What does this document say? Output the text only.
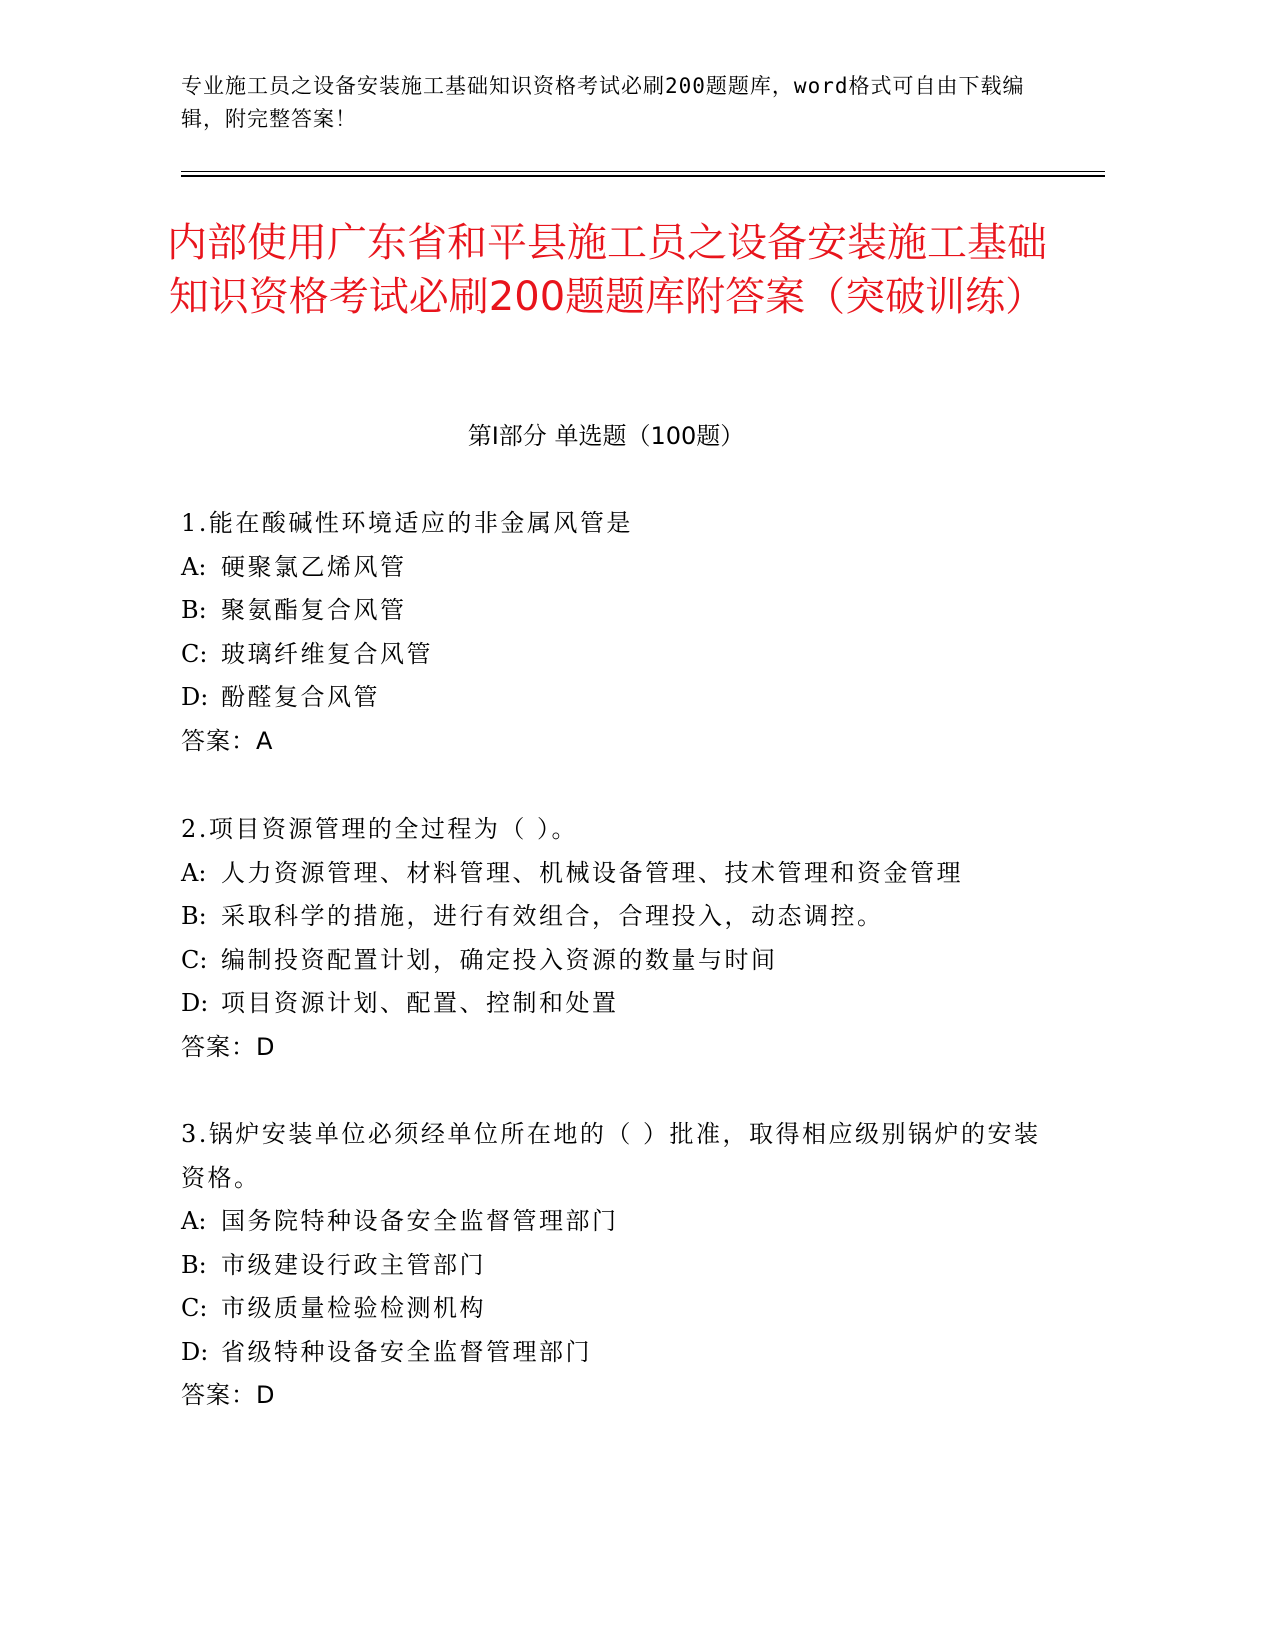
专业施工员之设备安装施工基础知识资格考试必刷200题题库，word格式可自由下载编辑，附完整答案！

内部使用广东省和平县施工员之设备安装施工基础知识资格考试必刷200题题库附答案（突破训练）
第Ⅰ部分 单选题（100题）
1.能在酸碱性环境适应的非金属风管是
A: 硬聚氯乙烯风管
B: 聚氨酯复合风管
C: 玻璃纤维复合风管
D: 酚醛复合风管
答案：A
2.项目资源管理的全过程为（ ）。
A: 人力资源管理、材料管理、机械设备管理、技术管理和资金管理
B: 采取科学的措施，进行有效组合，合理投入，动态调控。
C: 编制投资配置计划，确定投入资源的数量与时间
D: 项目资源计划、配置、控制和处置
答案：D
3.锅炉安装单位必须经单位所在地的（ ）批准，取得相应级别锅炉的安装资格。
A: 国务院特种设备安全监督管理部门
B: 市级建设行政主管部门
C: 市级质量检验检测机构
D: 省级特种设备安全监督管理部门
答案：D
